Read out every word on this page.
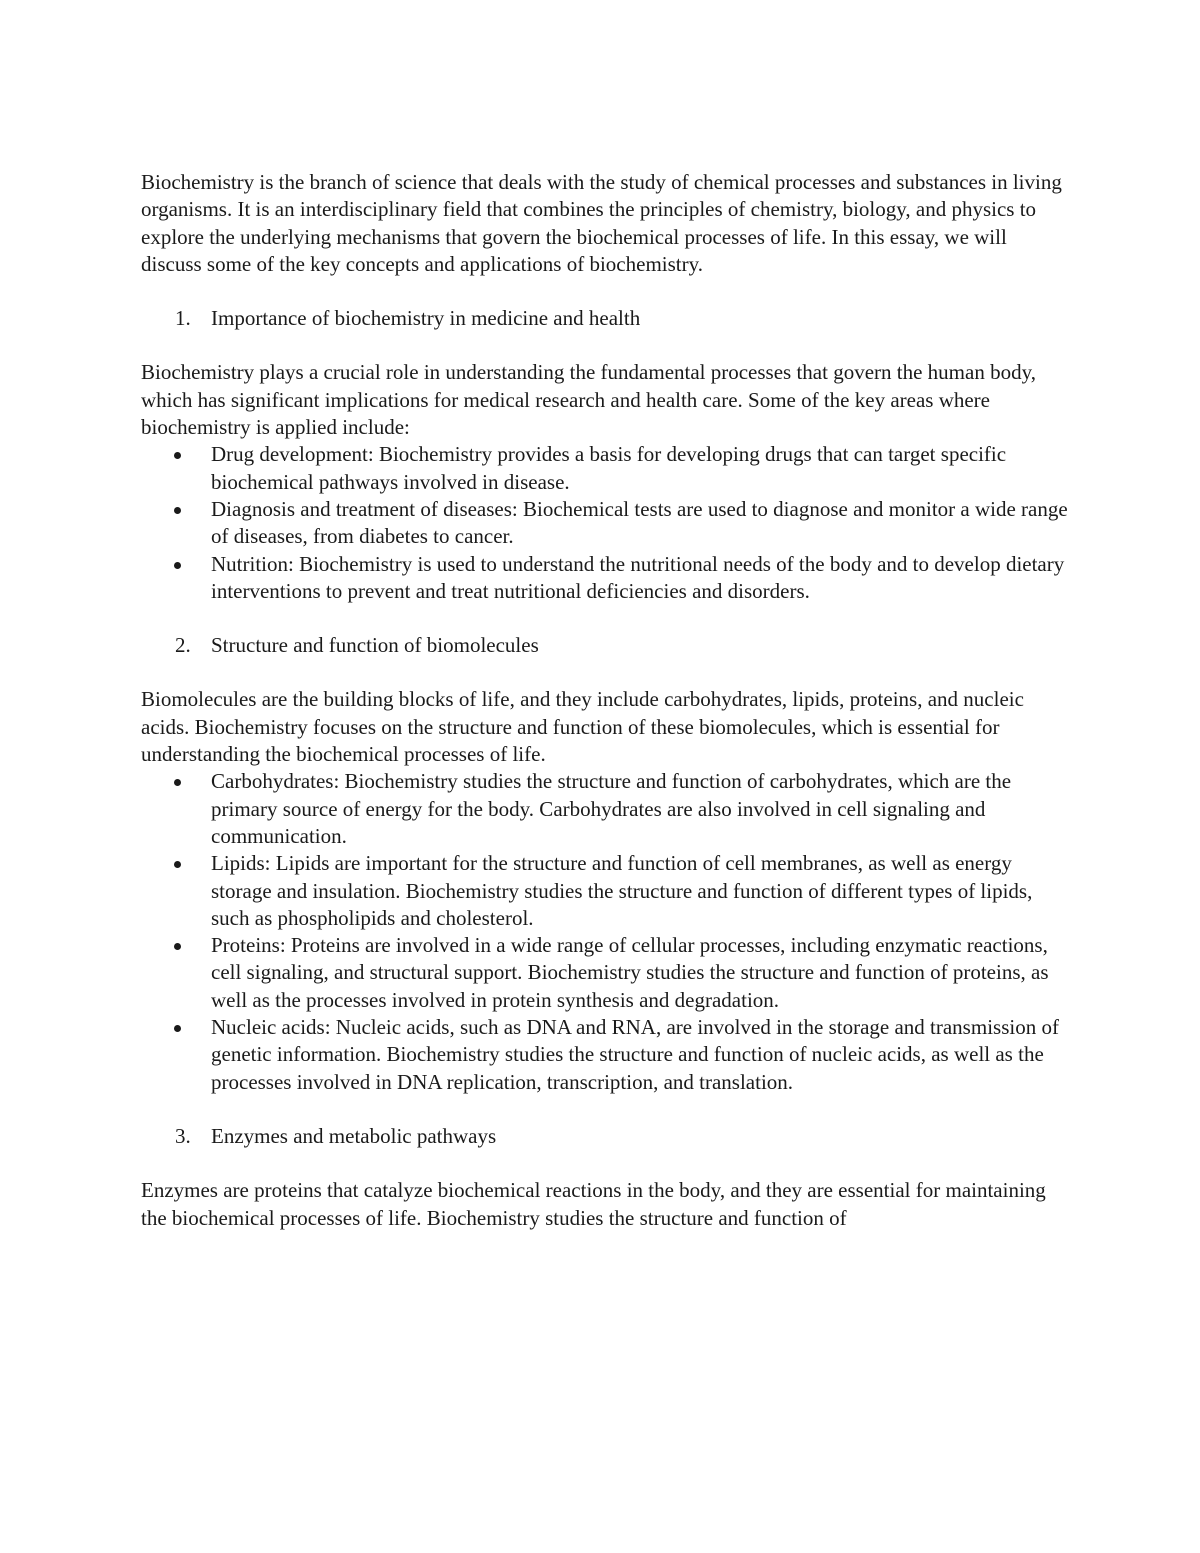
Biochemistry is the branch of science that deals with the study of chemical processes and substances in living organisms. It is an interdisciplinary field that combines the principles of chemistry, biology, and physics to explore the underlying mechanisms that govern the biochemical processes of life. In this essay, we will discuss some of the key concepts and applications of biochemistry.

1. Importance of biochemistry in medicine and health

Biochemistry plays a crucial role in understanding the fundamental processes that govern the human body, which has significant implications for medical research and health care. Some of the key areas where biochemistry is applied include:

Drug development: Biochemistry provides a basis for developing drugs that can target specific biochemical pathways involved in disease.
Diagnosis and treatment of diseases: Biochemical tests are used to diagnose and monitor a wide range of diseases, from diabetes to cancer.
Nutrition: Biochemistry is used to understand the nutritional needs of the body and to develop dietary interventions to prevent and treat nutritional deficiencies and disorders.

2. Structure and function of biomolecules

Biomolecules are the building blocks of life, and they include carbohydrates, lipids, proteins, and nucleic acids. Biochemistry focuses on the structure and function of these biomolecules, which is essential for understanding the biochemical processes of life.

Carbohydrates: Biochemistry studies the structure and function of carbohydrates, which are the primary source of energy for the body. Carbohydrates are also involved in cell signaling and communication.
Lipids: Lipids are important for the structure and function of cell membranes, as well as energy storage and insulation. Biochemistry studies the structure and function of different types of lipids, such as phospholipids and cholesterol.
Proteins: Proteins are involved in a wide range of cellular processes, including enzymatic reactions, cell signaling, and structural support. Biochemistry studies the structure and function of proteins, as well as the processes involved in protein synthesis and degradation.
Nucleic acids: Nucleic acids, such as DNA and RNA, are involved in the storage and transmission of genetic information. Biochemistry studies the structure and function of nucleic acids, as well as the processes involved in DNA replication, transcription, and translation.

3. Enzymes and metabolic pathways

Enzymes are proteins that catalyze biochemical reactions in the body, and they are essential for maintaining the biochemical processes of life. Biochemistry studies the structure and function of
